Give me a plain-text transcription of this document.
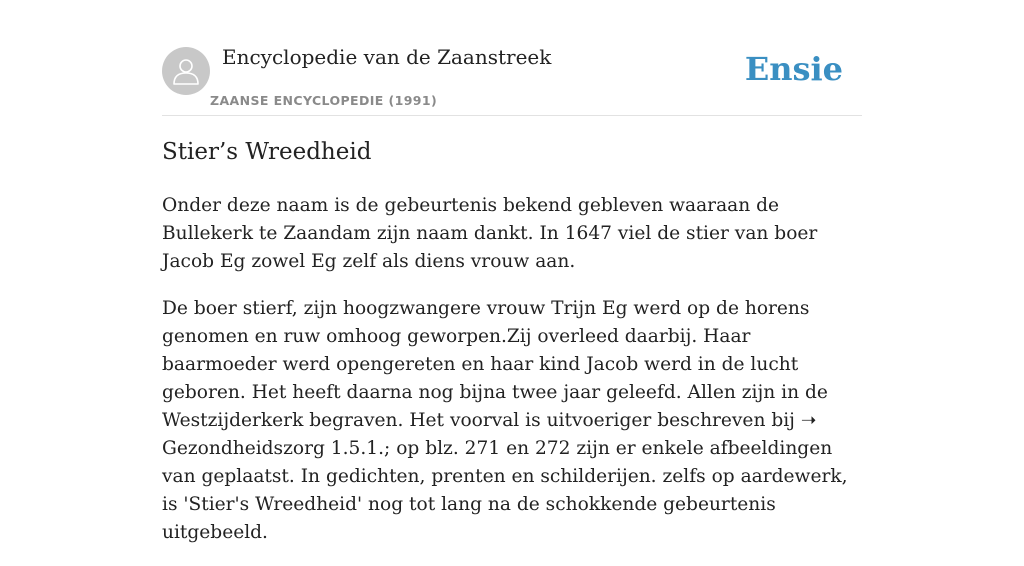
Encyclopedie van de Zaanstreek
ZAANSE ENCYCLOPEDIE (1991)
Ensie
Stier’s Wreedheid

Onder deze naam is de gebeurtenis bekend gebleven waaraan de Bullekerk te Zaandam zijn naam dankt. In 1647 viel de stier van boer Jacob Eg zowel Eg zelf als diens vrouw aan.

De boer stierf, zijn hoogzwangere vrouw Trijn Eg werd op de horens genomen en ruw omhoog geworpen.Zij overleed daarbij. Haar baarmoeder werd opengereten en haar kind Jacob werd in de lucht geboren. Het heeft daarna nog bijna twee jaar geleefd. Allen zijn in de Westzijderkerk begraven. Het voorval is uitvoeriger beschreven bij ➝ Gezondheidszorg 1.5.1.; op blz. 271 en 272 zijn er enkele afbeeldingen van geplaatst. In gedichten, prenten en schilderijen. zelfs op aardewerk, is 'Stier's Wreedheid' nog tot lang na de schokkende gebeurtenis uitgebeeld.
